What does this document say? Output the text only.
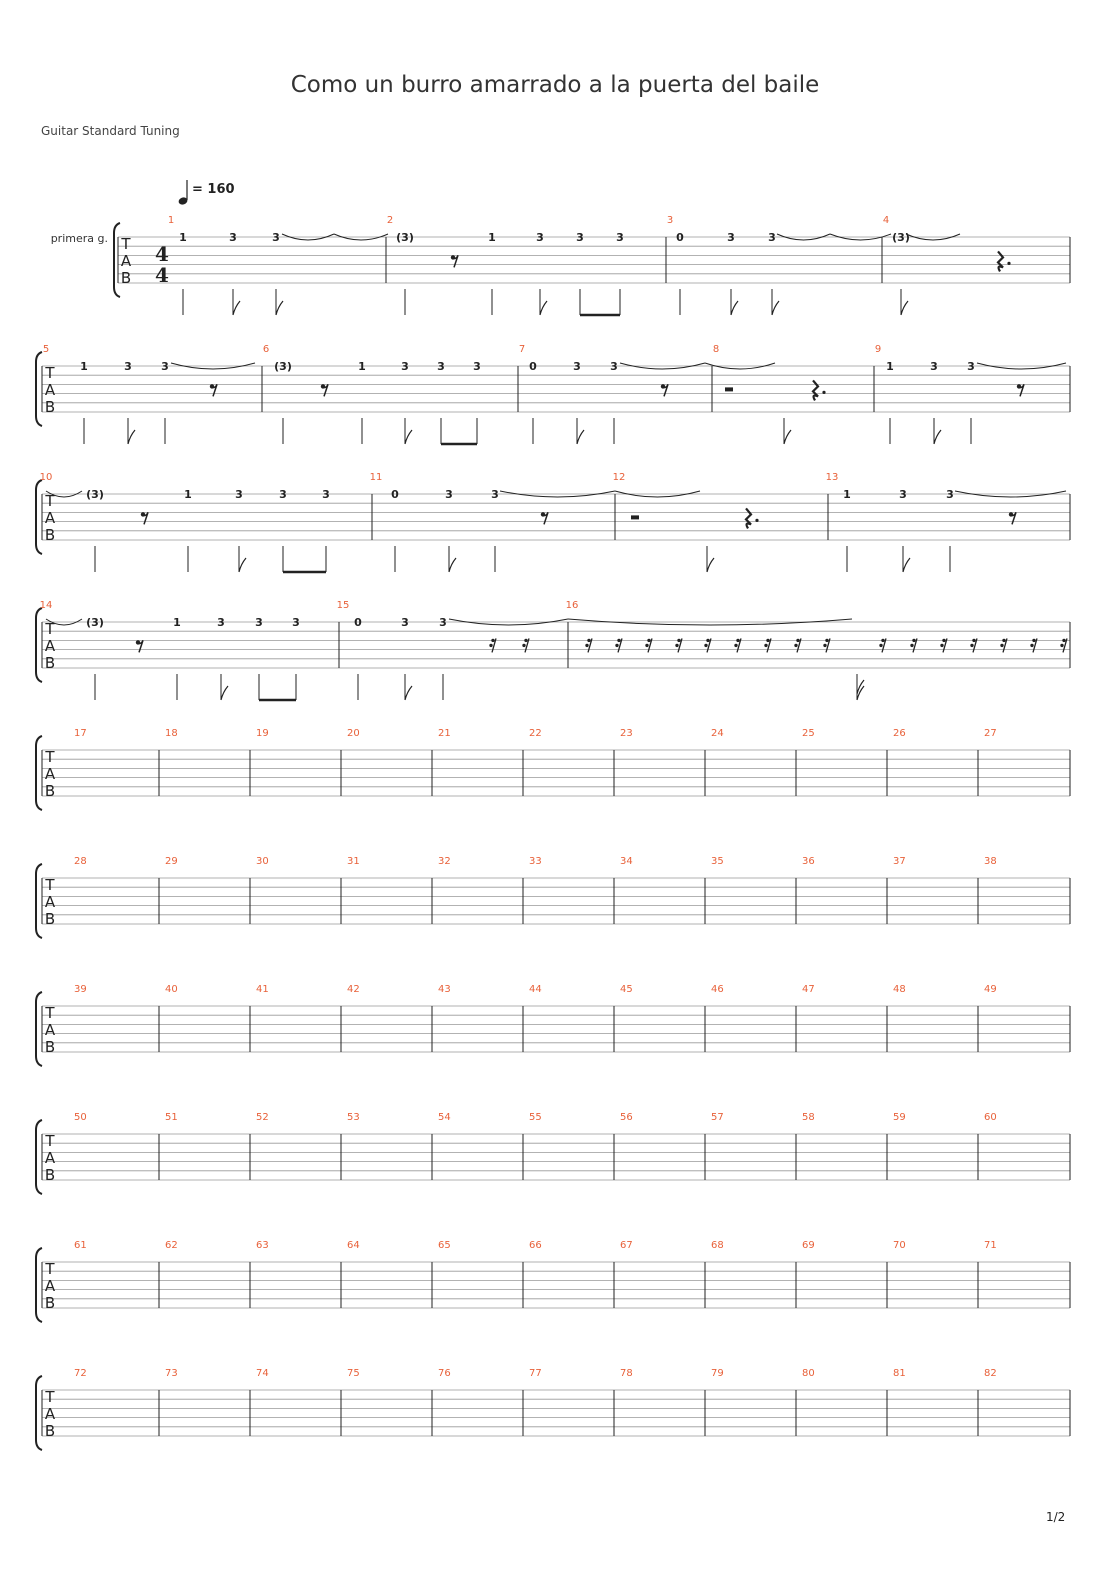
Como un burro amarrado a la puerta del baile
Guitar Standard Tuning
1/2
= 160
primera g. T
A
B
4
4
1
1	3	3
2
(3)	1	3	3	3
3
0	3	3
4
(3)
T
A
B
5
1	3	3
6
(3)	1	3	3	3
7
0	3	3
8	9
1	3	3
T
A
B
10
(3)	1	3	3	3
11
0	3	3
12	13
1	3	3
T
A
B
14
(3)	1	3	3	3
15
0	3	3
16
T
A
B
17	18	19	20	21	22	23	24	25	26	27
T
A
B
28	29	30	31	32	33	34	35	36	37	38
T
A
B
39	40	41	42	43	44	45	46	47	48	49
T
A
B
50	51	52	53	54	55	56	57	58	59	60
T
A
B
61	62	63	64	65	66	67	68	69	70	71
T
A
B
72	73	74	75	76	77	78	79	80	81	82
